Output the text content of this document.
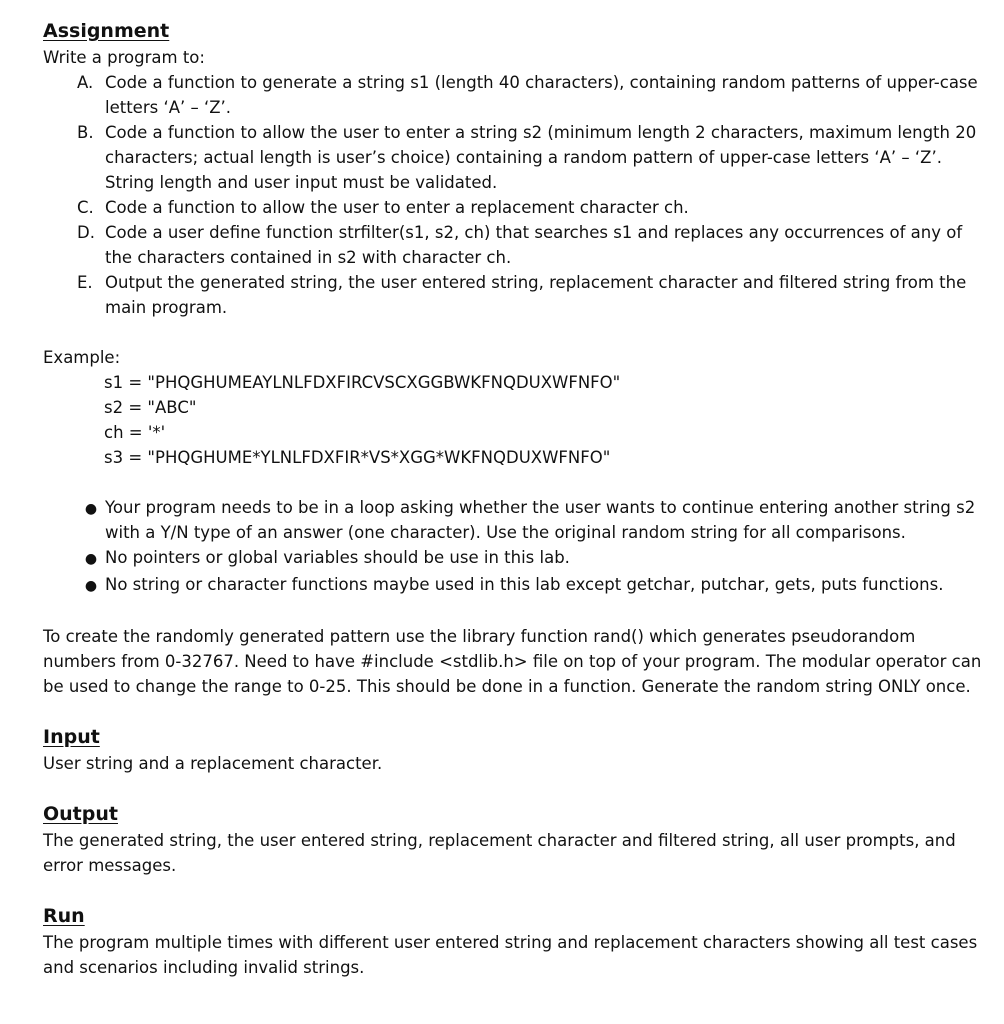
Assignment

Write a program to:

A. Code a function to generate a string s1 (length 40 characters), containing random patterns of upper-case letters ‘A’ – ‘Z’.
B. Code a function to allow the user to enter a string s2 (minimum length 2 characters, maximum length 20 characters; actual length is user’s choice) containing a random pattern of upper-case letters ‘A’ – ‘Z’. String length and user input must be validated.
C. Code a function to allow the user to enter a replacement character ch.
D. Code a user define function strfilter(s1, s2, ch) that searches s1 and replaces any occurrences of any of the characters contained in s2 with character ch.
E. Output the generated string, the user entered string, replacement character and filtered string from the main program.

Example:

s1 = "PHQGHUMEAYLNLFDXFIRCVSCXGGBWKFNQDUXWFNFO"
s2 = "ABC"
ch = '*'
s3 = "PHQGHUME*YLNLFDXFIR*VS*XGG*WKFNQDUXWFNFO"
● Your program needs to be in a loop asking whether the user wants to continue entering another string s2 with a Y/N type of an answer (one character). Use the original random string for all comparisons.
● No pointers or global variables should be use in this lab.
● No string or character functions maybe used in this lab except getchar, putchar, gets, puts functions.

To create the randomly generated pattern use the library function rand() which generates pseudorandom numbers from 0-32767. Need to have #include <stdlib.h> file on top of your program. The modular operator can be used to change the range to 0-25. This should be done in a function. Generate the random string ONLY once.

Input

User string and a replacement character.

Output

The generated string, the user entered string, replacement character and filtered string, all user prompts, and error messages.

Run

The program multiple times with different user entered string and replacement characters showing all test cases and scenarios including invalid strings.
